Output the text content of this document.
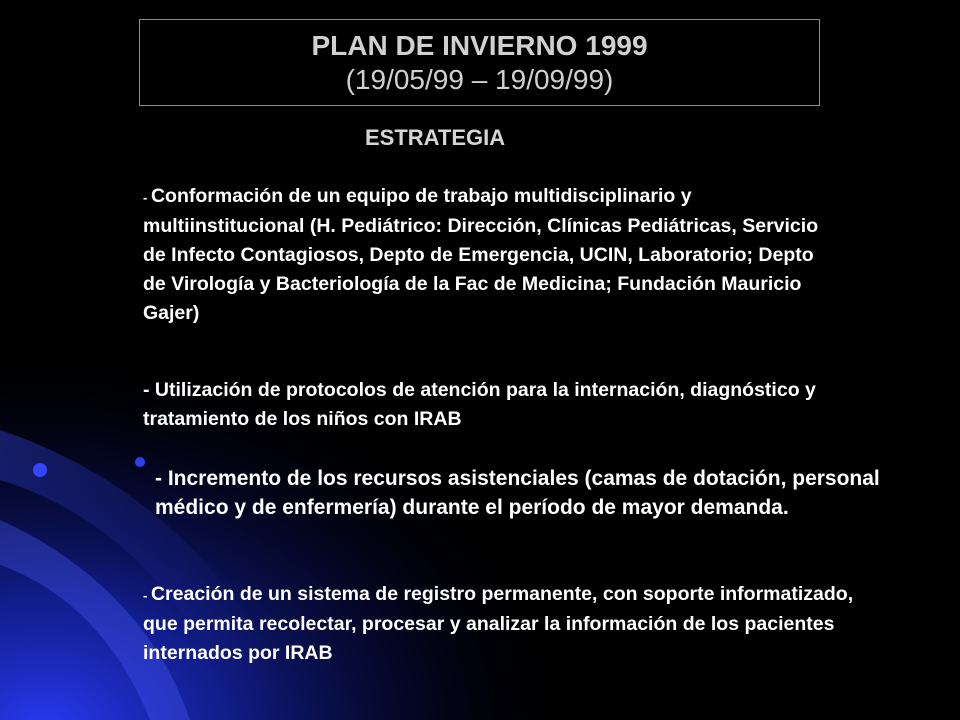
PLAN DE INVIERNO 1999
(19/05/99 – 19/09/99)
ESTRATEGIA
- Conformación de un equipo de trabajo multidisciplinario y multiinstitucional (H. Pediátrico: Dirección, Clínicas Pediátricas, Servicio de Infecto Contagiosos, Depto de Emergencia, UCIN, Laboratorio; Depto de Virología y Bacteriología de la Fac de Medicina; Fundación Mauricio Gajer)
- Utilización de protocolos de atención para la internación, diagnóstico y tratamiento de los niños con IRAB
- Incremento de los recursos asistenciales (camas de dotación, personal médico y de enfermería) durante el período de mayor demanda.
- Creación de un sistema de registro permanente, con soporte informatizado, que permita recolectar, procesar y analizar la información de los pacientes internados por IRAB
